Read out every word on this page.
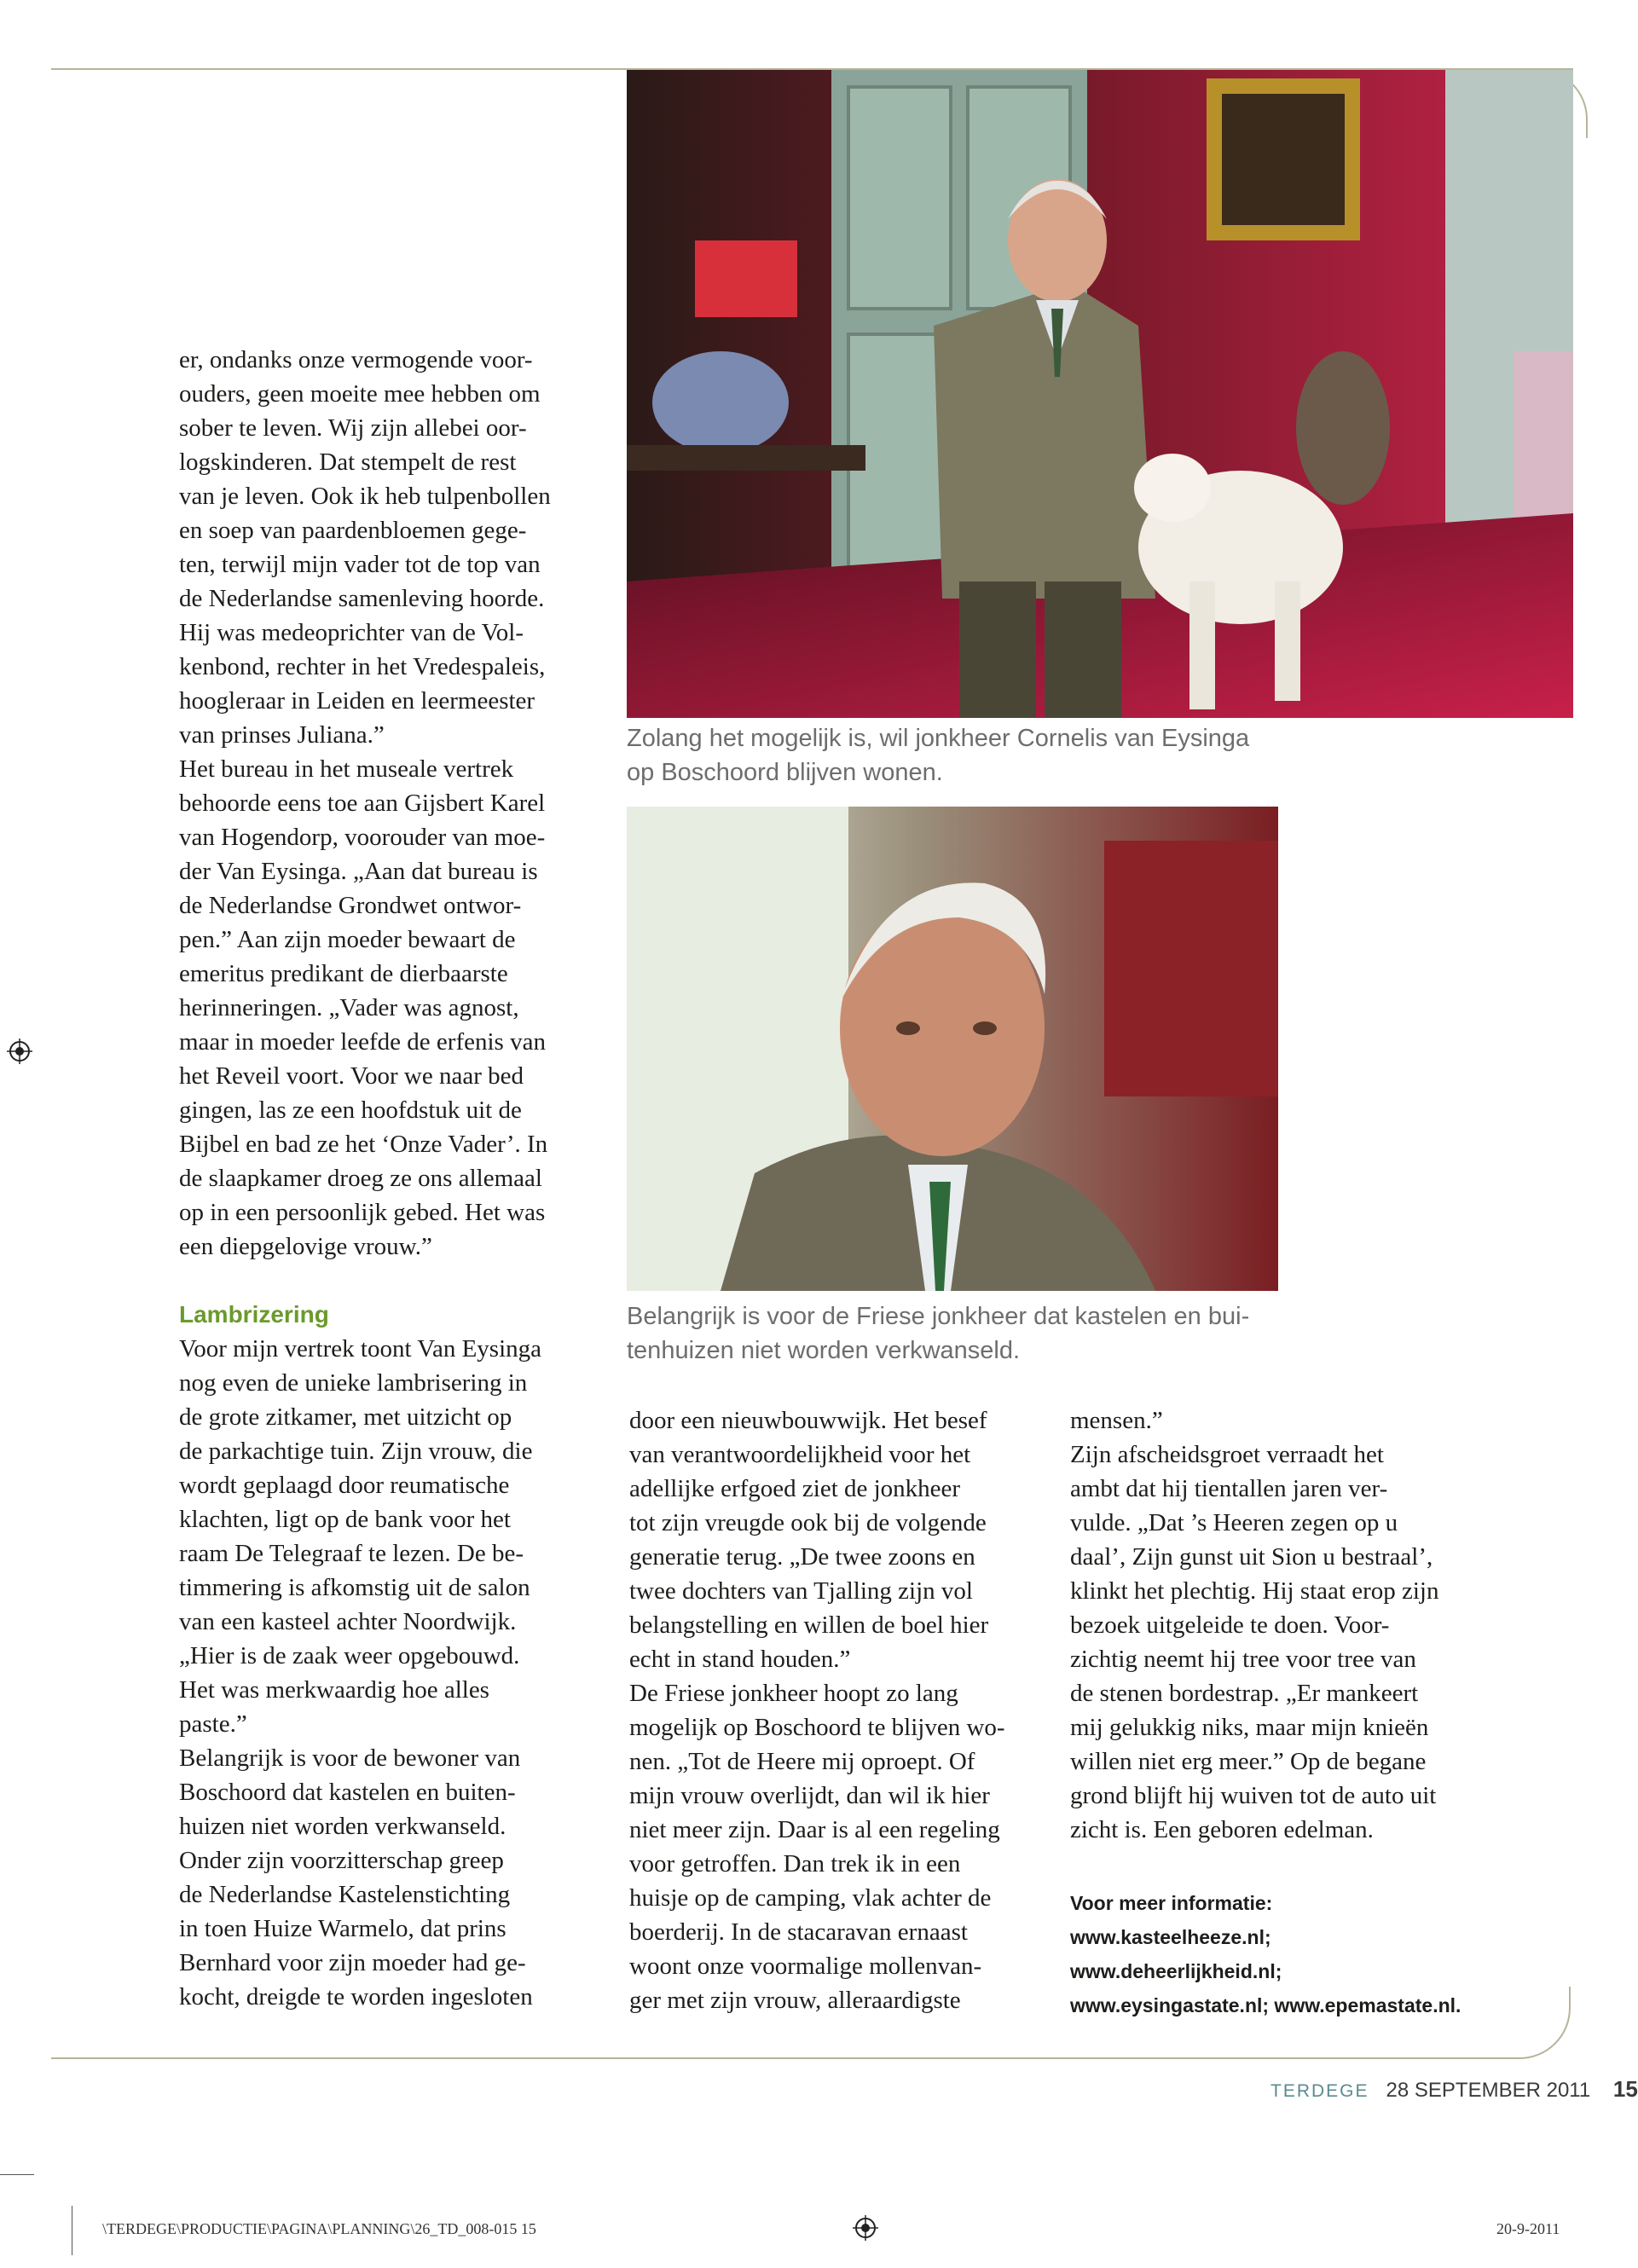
er, ondanks onze vermogende voor-

ouders, geen moeite mee hebben om

sober te leven. Wij zijn allebei oor-

logskinderen. Dat stempelt de rest

van je leven. Ook ik heb tulpenbollen

en soep van paardenbloemen gege-

ten, terwijl mijn vader tot de top van

de Nederlandse samenleving hoorde.

Hij was medeoprichter van de Vol-

kenbond, rechter in het Vredespaleis,

hoogleraar in Leiden en leermeester

van prinses Juliana.”

Het bureau in het museale vertrek

behoorde eens toe aan Gijsbert Karel

van Hogendorp, voorouder van moe-

der Van Eysinga. „Aan dat bureau is

de Nederlandse Grondwet ontwor-

pen.” Aan zijn moeder bewaart de

emeritus predikant de dierbaarste

herinneringen. „Vader was agnost,

maar in moeder leefde de erfenis van

het Reveil voort. Voor we naar bed

gingen, las ze een hoofdstuk uit de

Bijbel en bad ze het ‘Onze Vader’. In

de slaapkamer droeg ze ons allemaal

op in een persoonlijk gebed. Het was

een diepgelovige vrouw.”

Lambrizering

Voor mijn vertrek toont Van Eysinga

nog even de unieke lambrisering in

de grote zitkamer, met uitzicht op

de parkachtige tuin. Zijn vrouw, die

wordt geplaagd door reumatische

klachten, ligt op de bank voor het

raam De Telegraaf te lezen. De be-

timmering is afkomstig uit de salon

van een kasteel achter Noordwijk.

„Hier is de zaak weer opgebouwd.

Het was merkwaardig hoe alles

paste.”

Belangrijk is voor de bewoner van

Boschoord dat kastelen en buiten-

huizen niet worden verkwanseld.

Onder zijn voorzitterschap greep

de Nederlandse Kastelenstichting

in toen Huize Warmelo, dat prins

Bernhard voor zijn moeder had ge-

kocht, dreigde te worden ingesloten

Zolang het mogelijk is, wil jonkheer Cornelis van Eysinga
op Boschoord blijven wonen.
Belangrijk is voor de Friese jonkheer dat kastelen en bui-
tenhuizen niet worden verkwanseld.

door een nieuwbouwwijk. Het besef

van verantwoordelijkheid voor het

adellijke erfgoed ziet de jonkheer

tot zijn vreugde ook bij de volgende

generatie terug. „De twee zoons en

twee dochters van Tjalling zijn vol

belangstelling en willen de boel hier

echt in stand houden.”

De Friese jonkheer hoopt zo lang

mogelijk op Boschoord te blijven wo-

nen. „Tot de Heere mij oproept. Of

mijn vrouw overlijdt, dan wil ik hier

niet meer zijn. Daar is al een regeling

voor getroffen. Dan trek ik in een

huisje op de camping, vlak achter de

boerderij. In de stacaravan ernaast

woont onze voormalige mollenvan-

ger met zijn vrouw, alleraardigste

mensen.”

Zijn afscheidsgroet verraadt het

ambt dat hij tientallen jaren ver-

vulde. „Dat ’s Heeren zegen op u

daal’, Zijn gunst uit Sion u bestraal’,

klinkt het plechtig. Hij staat erop zijn

bezoek uitgeleide te doen. Voor-

zichtig neemt hij tree voor tree van

de stenen bordestrap. „Er mankeert

mij gelukkig niks, maar mijn knieën

willen niet erg meer.” Op de begane

grond blijft hij wuiven tot de auto uit

zicht is. Een geboren edelman.

Voor meer informatie:
www.kasteelheeze.nl;
www.deheerlijkheid.nl;
www.eysingastate.nl; www.epemastate.nl.
TERDEGE 28 SEPTEMBER 2011 15
\TERDEGE\PRODUCTIE\PAGINA\PLANNING\26_TD_008-015 15	20-9-2011
